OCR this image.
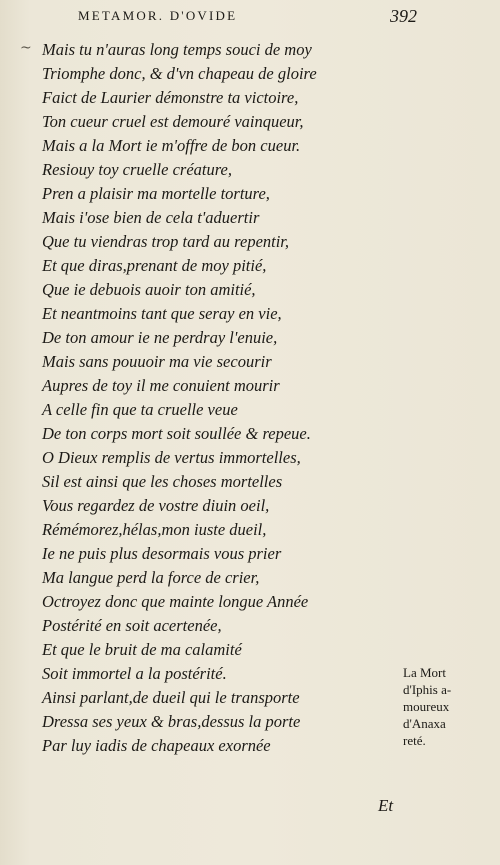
METAMOR. D'OVIDE	392
~ Mais tu n'auras long temps souci de moy
Triomphe donc, & d'vn chapeau de gloire
Faict de Laurier démonstre ta victoire,
Ton cueur cruel est demouré vainqueur,
Mais a la Mort ie m'offre de bon cueur.
Resiouy toy cruelle créature,
Pren a plaisir ma mortelle torture,
Mais i'ose bien de cela t'aduertir
Que tu viendras trop tard au repentir,
Et que diras,prenant de moy pitié,
Que ie debuois auoir ton amitié,
Et neantmoins tant que seray en vie,
De ton amour ie ne perdray l'enuie,
Mais sans pouuoir ma vie secourir
Aupres de toy il me conuient mourir
A celle fin que ta cruelle veue
De ton corps mort soit soullée & repeue.
O Dieux remplis de vertus immortelles,
Sil est ainsi que les choses mortelles
Vous regardez de vostre diuin oeil,
Rémémorez,hélas,mon iuste dueil,
Ie ne puis plus desormais vous prier
Ma langue perd la force de crier,
Octroyez donc que mainte longue Année
Postérité en soit acertenée,
Et que le bruit de ma calamité
Soit immortel a la postérité.
Ainsi parlant,de dueil qui le transporte
Dressa ses yeux & bras,dessus la porte
Par luy iadis de chapeaux exornée
La Mort
d'Iphis a-
moureux
d'Anaxa
reté.
Et
